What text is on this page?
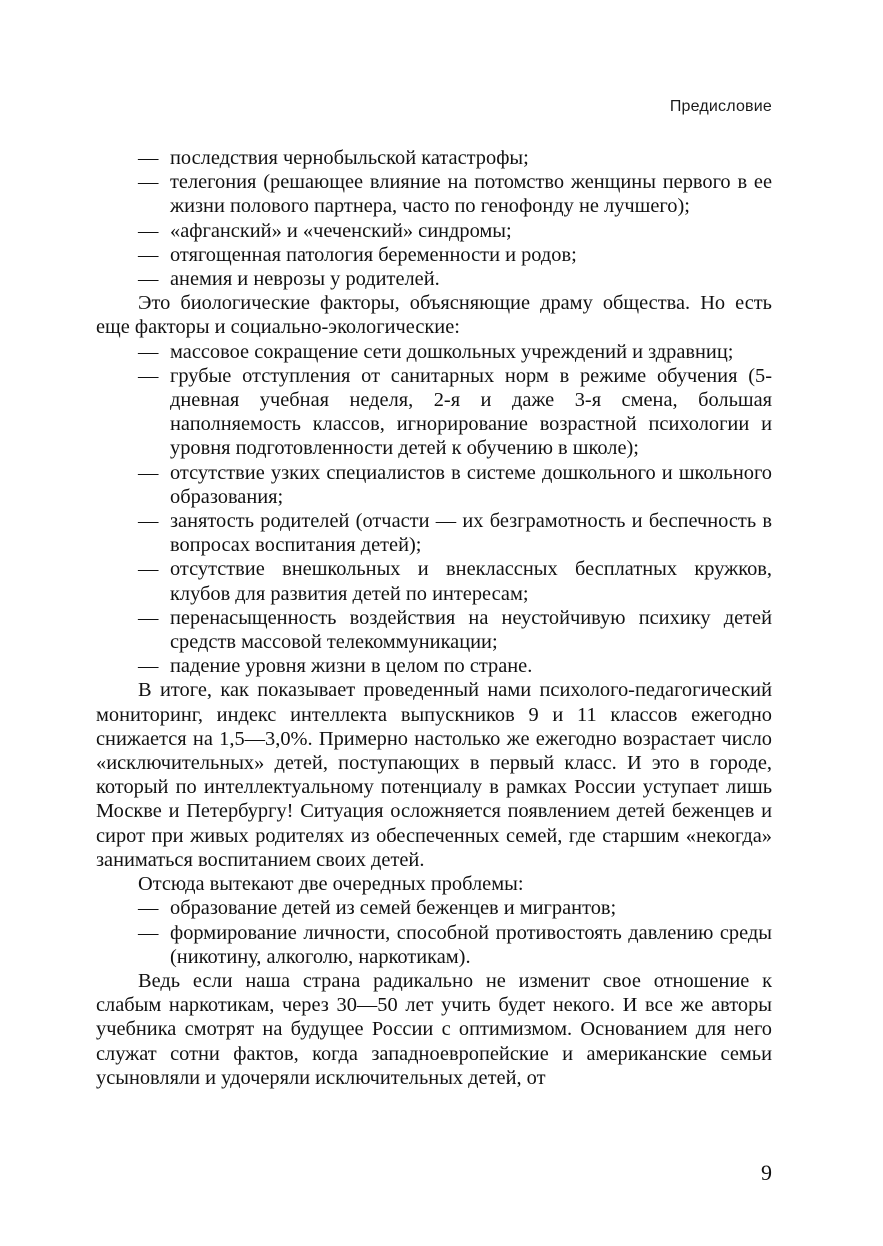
Предисловие
— последствия чернобыльской катастрофы;
— телегония (решающее влияние на потомство женщины первого в ее жизни полового партнера, часто по генофонду не лучшего);
— «афганский» и «чеченский» синдромы;
— отягощенная патология беременности и родов;
— анемия и неврозы у родителей.

Это биологические факторы, объясняющие драму общества. Но есть еще факторы и социально-экологические:

— массовое сокращение сети дошкольных учреждений и здравниц;
— грубые отступления от санитарных норм в режиме обучения (5-дневная учебная неделя, 2-я и даже 3-я смена, большая наполняемость классов, игнорирование возрастной психологии и уровня подготовленности детей к обучению в школе);
— отсутствие узких специалистов в системе дошкольного и школьного образования;
— занятость родителей (отчасти — их безграмотность и беспечность в вопросах воспитания детей);
— отсутствие внешкольных и внеклассных бесплатных кружков, клубов для развития детей по интересам;
— перенасыщенность воздействия на неустойчивую психику детей средств массовой телекоммуникации;
— падение уровня жизни в целом по стране.

В итоге, как показывает проведенный нами психолого-педагогический мониторинг, индекс интеллекта выпускников 9 и 11 классов ежегодно снижается на 1,5—3,0%. Примерно настолько же ежегодно возрастает число «исключительных» детей, поступающих в первый класс. И это в городе, который по интеллектуальному потенциалу в рамках России уступает лишь Москве и Петербургу! Ситуация осложняется появлением детей беженцев и сирот при живых родителях из обеспеченных семей, где старшим «некогда» заниматься воспитанием своих детей.

Отсюда вытекают две очередных проблемы:

— образование детей из семей беженцев и мигрантов;
— формирование личности, способной противостоять давлению среды (никотину, алкоголю, наркотикам).

Ведь если наша страна радикально не изменит свое отношение к слабым наркотикам, через 30—50 лет учить будет некого. И все же авторы учебника смотрят на будущее России с оптимизмом. Основанием для него служат сотни фактов, когда западноевропейские и американские семьи усыновляли и удочеряли исключительных детей, от

9
